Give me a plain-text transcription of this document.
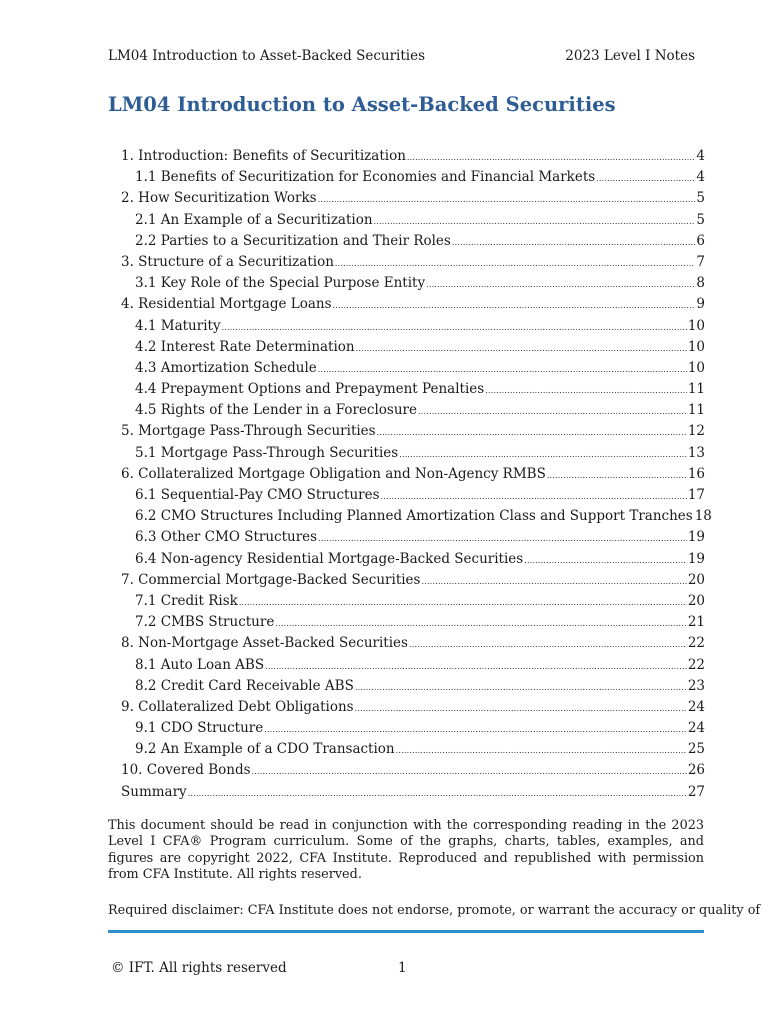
LM04 Introduction to Asset-Backed Securities	2023 Level I Notes
LM04 Introduction to Asset-Backed Securities
1. Introduction: Benefits of Securitization .....	4
1.1 Benefits of Securitization for Economies and Financial Markets .....	4
2. How Securitization Works .....	5
2.1 An Example of a Securitization .....	5
2.2 Parties to a Securitization and Their Roles .....	6
3. Structure of a Securitization .....	7
3.1 Key Role of the Special Purpose Entity .....	8
4. Residential Mortgage Loans .....	9
4.1 Maturity .....	10
4.2 Interest Rate Determination .....	10
4.3 Amortization Schedule .....	10
4.4 Prepayment Options and Prepayment Penalties .....	11
4.5 Rights of the Lender in a Foreclosure .....	11
5. Mortgage Pass-Through Securities .....	12
5.1 Mortgage Pass-Through Securities .....	13
6. Collateralized Mortgage Obligation and Non-Agency RMBS .....	16
6.1 Sequential-Pay CMO Structures .....	17
6.2 CMO Structures Including Planned Amortization Class and Support Tranches 18
6.3 Other CMO Structures .....	19
6.4 Non-agency Residential Mortgage-Backed Securities .....	19
7. Commercial Mortgage-Backed Securities .....	20
7.1 Credit Risk .....	20
7.2 CMBS Structure .....	21
8. Non-Mortgage Asset-Backed Securities .....	22
8.1 Auto Loan ABS .....	22
8.2 Credit Card Receivable ABS .....	23
9. Collateralized Debt Obligations .....	24
9.1 CDO Structure .....	24
9.2 An Example of a CDO Transaction .....	25
10. Covered Bonds .....	26
Summary .....	27

This document should be read in conjunction with the corresponding reading in the 2023 Level I CFA® Program curriculum. Some of the graphs, charts, tables, examples, and figures are copyright 2022, CFA Institute. Reproduced and republished with permission from CFA Institute. All rights reserved.

Required disclaimer: CFA Institute does not endorse, promote, or warrant the accuracy or quality of

© IFT. All rights reserved	1
